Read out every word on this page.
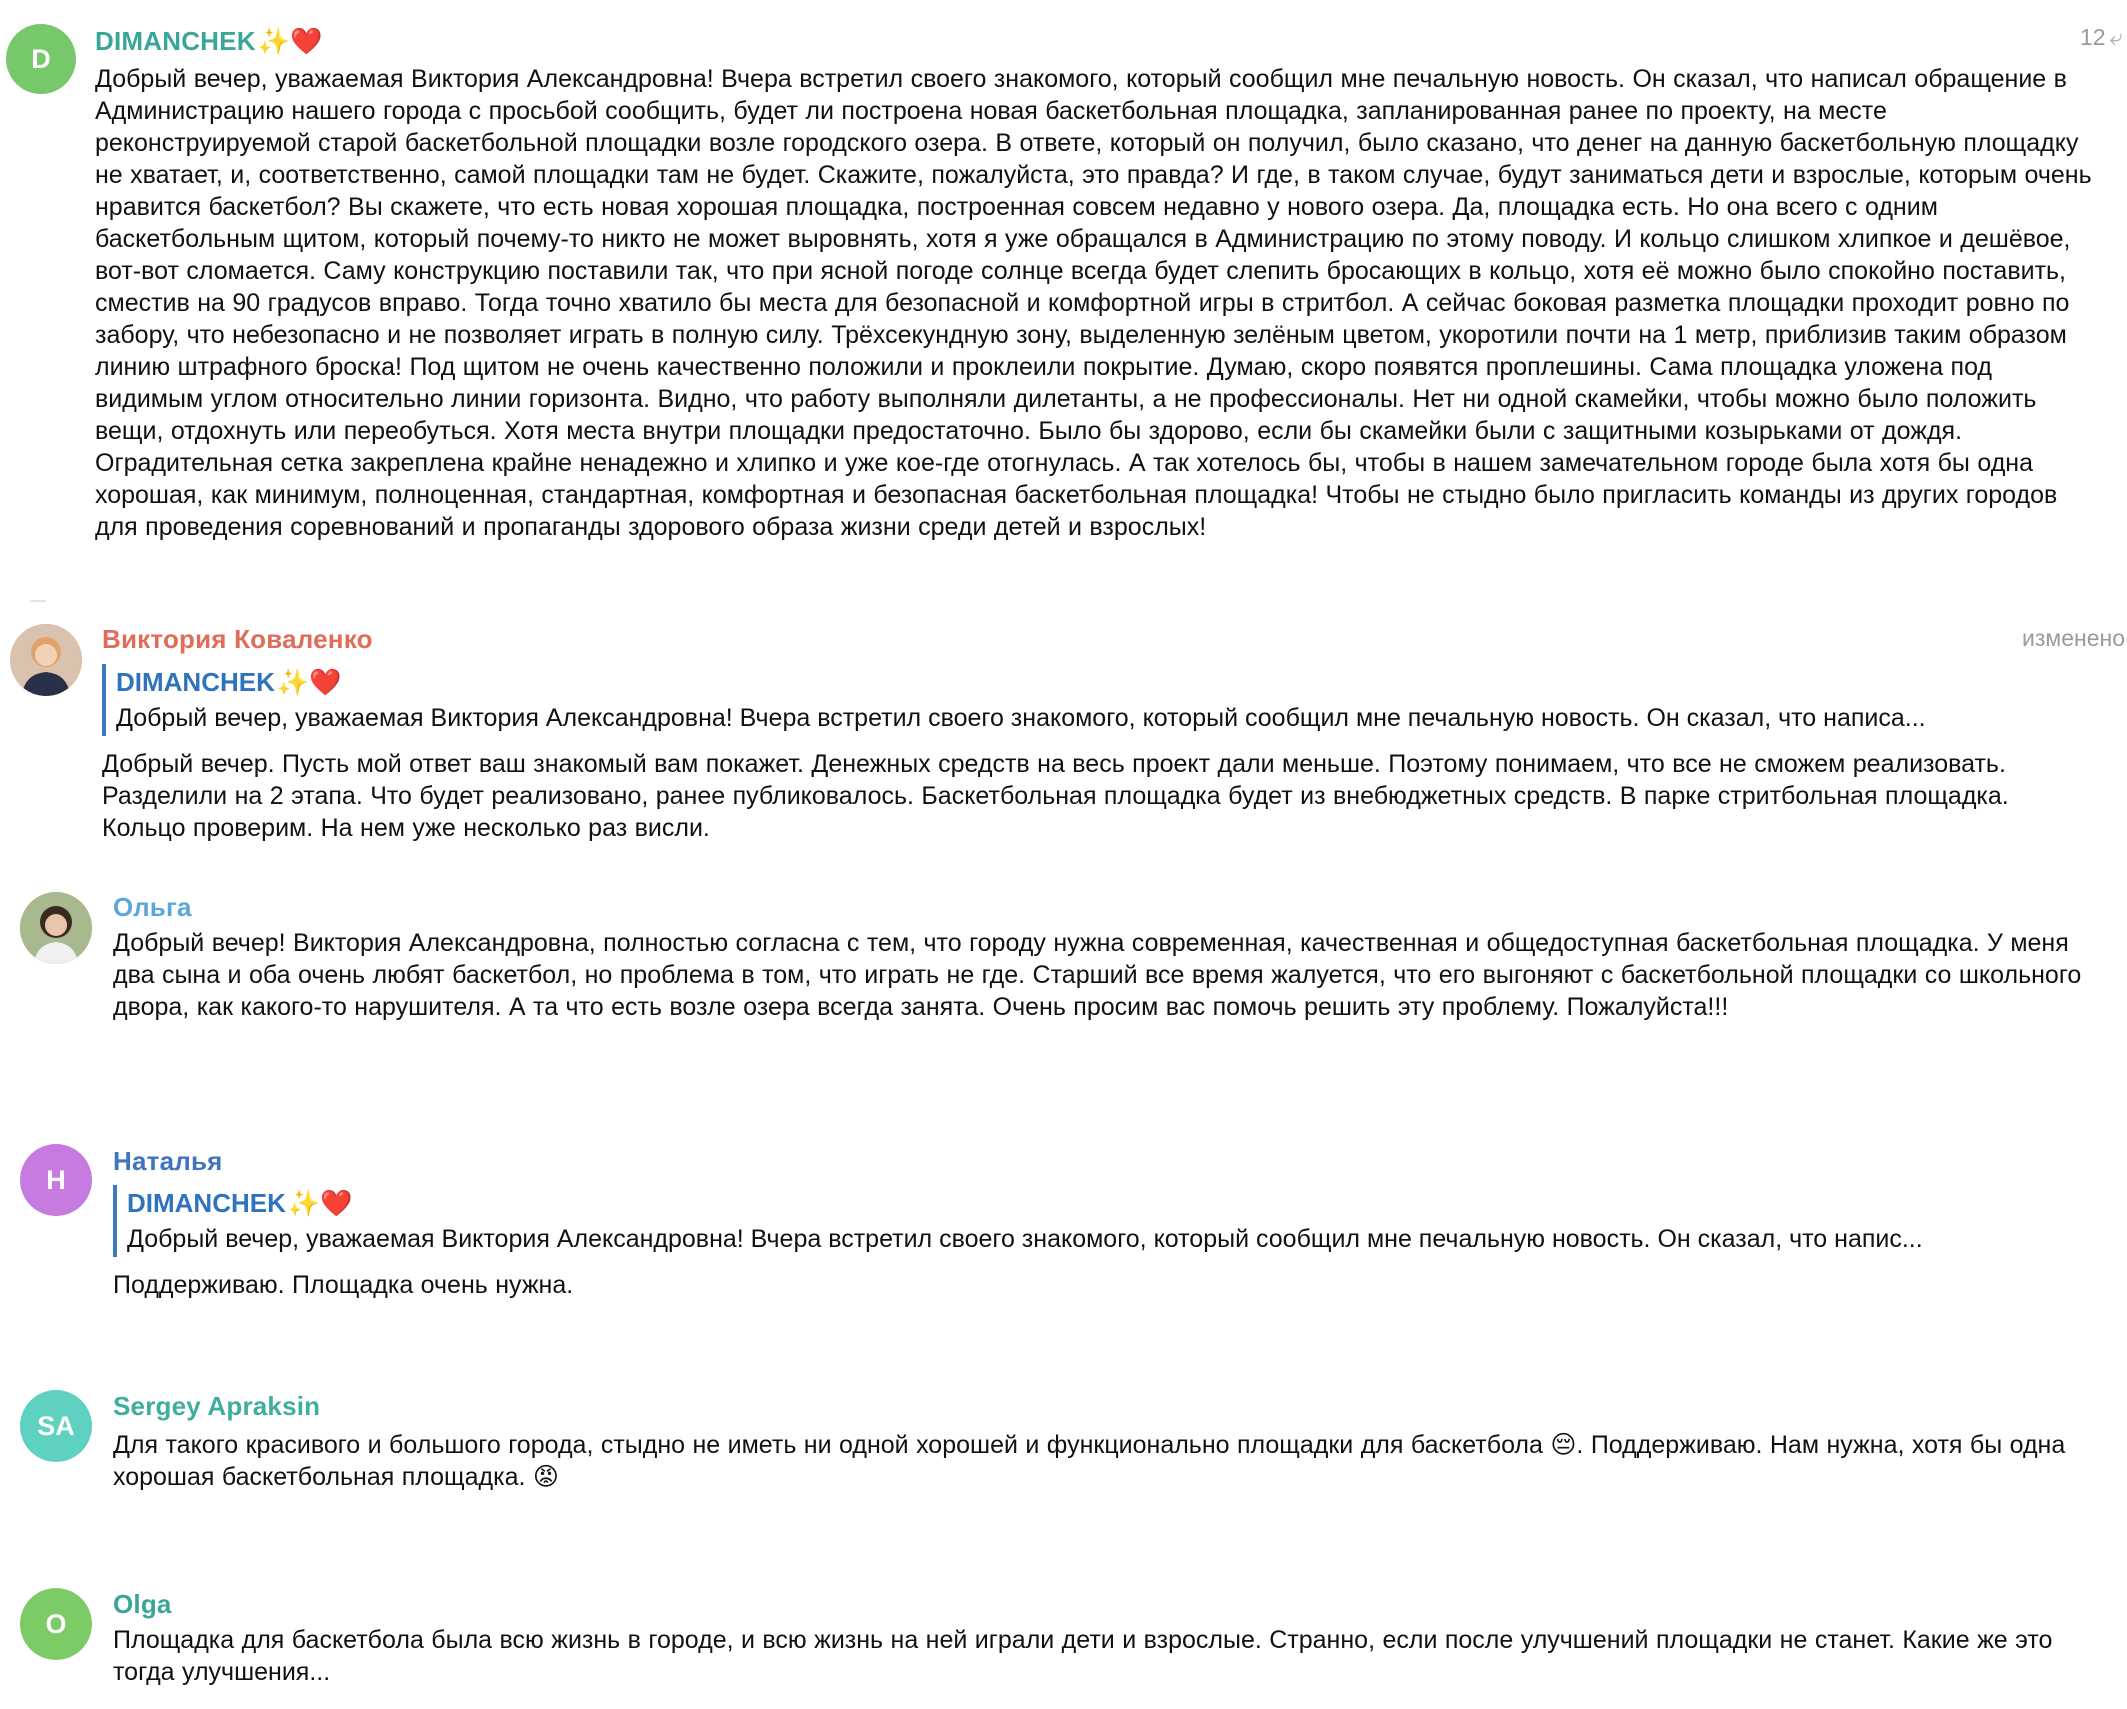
D
DIMANCHEK✨❤️	12 ⤶
Добрый вечер, уважаемая Виктория Александровна! Вчера встретил своего знакомого, который сообщил мне печальную новость. Он сказал, что написал обращение в Администрацию нашего города с просьбой сообщить, будет ли построена новая баскетбольная площадка, запланированная ранее по проекту, на месте реконструируемой старой баскетбольной площадки возле городского озера. В ответе, который он получил, было сказано, что денег на данную баскетбольную площадку не хватает, и, соответственно, самой площадки там не будет. Скажите, пожалуйста, это правда? И где, в таком случае, будут заниматься дети и взрослые, которым очень нравится баскетбол? Вы скажете, что есть новая хорошая площадка, построенная совсем недавно у нового озера. Да, площадка есть. Но она всего с одним баскетбольным щитом, который почему-то никто не может выровнять, хотя я уже обращался в Администрацию по этому поводу. И кольцо слишком хлипкое и дешёвое, вот-вот сломается. Саму конструкцию поставили так, что при ясной погоде солнце всегда будет слепить бросающих в кольцо, хотя её можно было спокойно поставить, сместив на 90 градусов вправо. Тогда точно хватило бы места для безопасной и комфортной игры в стритбол. А сейчас боковая разметка площадки проходит ровно по забору, что небезопасно и не позволяет играть в полную силу. Трёхсекундную зону, выделенную зелёным цветом, укоротили почти на 1 метр, приблизив таким образом линию штрафного броска! Под щитом не очень качественно положили и проклеили покрытие. Думаю, скоро появятся проплешины. Сама площадка уложена под видимым углом относительно линии горизонта. Видно, что работу выполняли дилетанты, а не профессионалы. Нет ни одной скамейки, чтобы можно было положить вещи, отдохнуть или переобуться. Хотя места внутри площадки предостаточно. Было бы здорово, если бы скамейки были с защитными козырьками от дождя. Оградительная сетка закреплена крайне ненадежно и хлипко и уже кое-где отогнулась. А так хотелось бы, чтобы в нашем замечательном городе была хотя бы одна хорошая, как минимум, полноценная, стандартная, комфортная и безопасная баскетбольная площадка! Чтобы не стыдно было пригласить команды из других городов для проведения соревнований и пропаганды здорового образа жизни среди детей и взрослых!
Виктория Коваленко	изменено
DIMANCHEK✨❤️
Добрый вечер, уважаемая Виктория Александровна! Вчера встретил своего знакомого, который сообщил мне печальную новость. Он сказал, что написа...
Добрый вечер. Пусть мой ответ ваш знакомый вам покажет. Денежных средств на весь проект дали меньше. Поэтому понимаем, что все не сможем реализовать. Разделили на 2 этапа. Что будет реализовано, ранее публиковалось. Баскетбольная площадка будет из внебюджетных средств. В парке стритбольная площадка. Кольцо проверим. На нем уже несколько раз висли.
Ольга
Добрый вечер! Виктория Александровна, полностью согласна с тем, что городу нужна современная, качественная и общедоступная баскетбольная площадка. У меня два сына и оба очень любят баскетбол, но проблема в том, что играть не где. Старший все время жалуется, что его выгоняют с баскетбольной площадки со школьного двора, как какого-то нарушителя. А та что есть возле озера всегда занята. Очень просим вас помочь решить эту проблему. Пожалуйста!!!
Н
Наталья
DIMANCHEK✨❤️
Добрый вечер, уважаемая Виктория Александровна! Вчера встретил своего знакомого, который сообщил мне печальную новость. Он сказал, что напис...
Поддерживаю. Площадка очень нужна.
SA
Sergey Apraksin
Для такого красивого и большого города, стыдно не иметь ни одной хорошей и функционально площадки для баскетбола 😔. Поддерживаю. Нам нужна, хотя бы одна хорошая баскетбольная площадка. 😡
O
Olga
Площадка для баскетбола была всю жизнь в городе, и всю жизнь на ней играли дети и взрослые. Странно, если после улучшений площадки не станет. Какие же это тогда улучшения...
